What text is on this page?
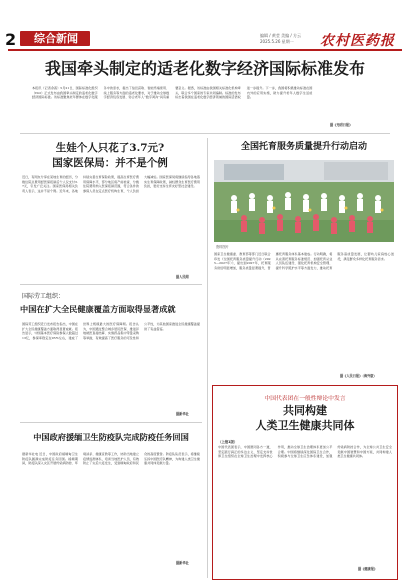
2	综合新闻	编辑 / 黄莹 美编 / 方云
2025.5.26 星期一 农村医药报
我国牵头制定的适老化数字经济国际标准发布
本报讯（记者余茜）5月21日，国际标准化组织（ISO）正式发布由我国牵头制定的适老化数字经济国际标准。该标准聚焦老年群体在数字化服务中的需求，提出了信息获取、智能终端使用、线上服务等方面的适老化要求，对于推动全球数字经济包容发展、弥合老年人“数字鸿沟”具有重要意义。据悉，该标准由我国相关标准化机构牵头，联合多个国家的专家共同编制。标准的发布标志着我国在适老化数字经济领域的国际话语权进一步提升。下一步，我国将积极推动标准在国内外的应用实施，助力提升老年人数字生活质量。
据《光明日报》
生娃个人只花了3.7元?
国家医保局：并不是个例
近日，有网友分享在某地生育的经历，分娩住院总费用经医保报销后个人仅支付3.7元，引发广泛关注。国家医保局相关负责人表示，这并不是个例。近年来，各地持续完善生育保险政策，提高生育医疗费用保障水平，部分地区将产前检查、分娩住院费用纳入医保报销范围，符合条件的参保人员在定点医疗机构生育，个人负担大幅减轻。国家医保局将继续指导各地落实生育保障政策，减轻群众生育医疗费用负担，更好支持生育友好型社会建设。
据人民网
国际劳工组织：
中国在扩大全民健康覆盖方面取得显著成就
国际劳工组织近日发布报告指出，中国在扩大全民健康覆盖方面取得显著成就。报告显示，中国基本医疗保险参保人数超过13亿，参保率稳定在95%左右，建成了世界上规模最大的医疗保障网。报告认为，中国通过整合城乡居民医保、推进异地就医直接结算、实施药品集中带量采购等举措，有效提高了医疗服务的可及性和公平性，为其他国家推进全民健康覆盖提供了有益借鉴。
据新华社
中国政府援缅卫生防疫队完成防疫任务回国
据新华社电 近日，中国政府援缅甸卫生防疫队圆满完成防疫任务回国。援缅期间，防疫队深入灾区开展传染病防控、环境消杀、健康宣教等工作，协助当地建立疫情监测体系，培训当地医护人员，有效防止了灾后大疫发生，受到缅甸政府和民众的高度赞誉。防疫队队员表示，将继续弘扬中国医疗队精神，为构建人类卫生健康共同体贡献力量。
据新华社
全国托育服务质量提升行动启动
资料图片
国家卫生健康委、教育部等部门近日联合印发《全国托育服务质量提升行动（2025—2027年）》，提出到2027年，托育服务供给明显增加，服务质量显著提升，普惠托育服务体系基本建成。行动明确，将从完善托育服务标准规范、加强托育从业人员队伍建设、强化托育机构安全管理、提升科学照护水平等方面发力，推动托育服务高质量发展，让婴幼儿家庭放心送托，满足群众多样化托育服务需求。
据《人民日报》（海外版）
中国代表团在一般性辩论中发言
共同构建
人类卫生健康共同体
（上接1版）
中国代表团表示，中国愿同各方一道，坚定践行真正的多边主义，坚定支持世界卫生组织在全球卫生治理中发挥核心作用，推动全球卫生治理体系更加公平合理。中国将继续深化国际卫生合作，积极参与全球卫生应急体系建设，加强传染病防控合作，为全球公共卫生安全贡献中国智慧和中国方案，共同构建人类卫生健康共同体。
据《健康报》
